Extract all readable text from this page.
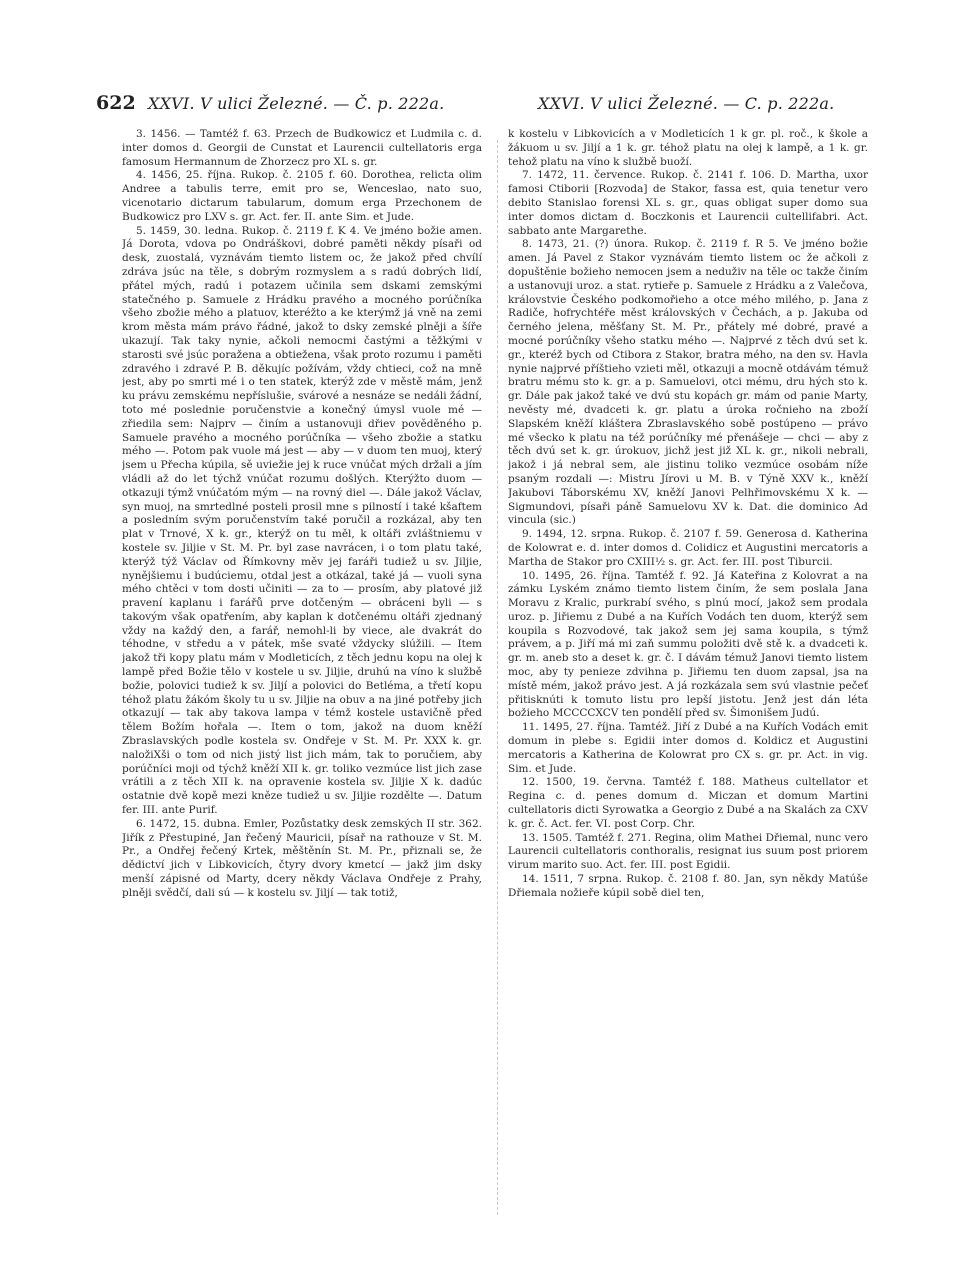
622 XXVI. V ulici Železné. — Č. p. 222a.	XXVI. V ulici Železné. — C. p. 222a.

3. 1456. — Tamtéž f. 63. Przech de Budkowicz et Ludmila c. d. inter domos d. Georgii de Cunstat et Laurencii cultellatoris erga famosum Hermannum de Zhorzecz pro XL s. gr.

4. 1456, 25. října. Rukop. č. 2105 f. 60. Dorothea, relicta olim Andree a tabulis terre, emit pro se, Wenceslao, nato suo, vicenotario dictarum tabularum, domum erga Przechonem de Budkowicz pro LXV s. gr. Act. fer. II. ante Sim. et Jude.

5. 1459, 30. ledna. Rukop. č. 2119 f. K 4. Ve jméno božie amen. Já Dorota, vdova po Ondráškovi, dobré paměti někdy písaři od desk, zuostalá, vyznávám tiemto listem oc, že jakož před chvílí zdráva jsúc na těle, s dobrým rozmyslem a s radú dobrých lidí, přátel mých, radú i potazem učinila sem dskami zemskými statečného p. Samuele z Hrádku pravého a mocného porúčníka všeho zbožie mého a platuov, kteréžto a ke kterýmž já vně na zemi krom města mám právo řádné, jakož to dsky zemské plněji a šíře ukazují. Tak taky nynie, ačkoli nemocmi častými a těžkými v starosti své jsúc poražena a obtiežena, však proto rozumu i paměti zdravého i zdravé P. B. děkujíc požívám, vždy chtieci, což na mně jest, aby po smrti mé i o ten statek, kterýž zde v městě mám, jenž ku právu zemskému nepříslušie, svárové a nesnáze se nedáli žádní, toto mé poslednie poručenstvie a konečný úmysl vuole mé — zřiedila sem: Najprv — činím a ustanovuji dřiev pověděného p. Samuele pravého a mocného porúčníka — všeho zbožie a statku mého —. Potom pak vuole má jest — aby — v duom ten muoj, který jsem u Přecha kúpila, sě uviežie jej k ruce vnúčat mých držali a jím vládli až do let týchž vnúčat rozumu došlých. Kterýžto duom — otkazuji týmž vnúčatóm mým — na rovný diel —. Dále jakož Václav, syn muoj, na smrtedlné posteli prosil mne s pilností i také kšaftem a posledním svým poručenstvím také poručil a rozkázal, aby ten plat v Trnové, X k. gr., kterýž on tu měl, k oltáři zvláštniemu v kostele sv. Jiljie v St. M. Pr. byl zase navrácen, i o tom platu také, kterýž týž Václav od Římkovny měv jej faráři tudiež u sv. Jiljie, nynějšiemu i budúciemu, otdal jest a otkázal, také já — vuoli syna mého chtěci v tom dosti učiniti — za to — prosím, aby platové již pravení kaplanu i farářů prve dotčeným — obráceni byli — s takovým však opatřením, aby kaplan k dotčenému oltáři zjednaný vždy na každý den, a farář, nemohl-li by viece, ale dvakrát do téhodne, v středu a v pátek, mše svaté vždycky slúžili. — Item jakož tři kopy platu mám v Modleticích, z těch jednu kopu na olej k lampě před Božie tělo v kostele u sv. Jiljie, druhú na víno k službě božie, polovici tudiež k sv. Jiljí a polovici do Betléma, a třetí kopu téhož platu žákóm školy tu u sv. Jiljie na obuv a na jiné potřeby jich otkazují — tak aby takova lampa v témž kostele ustavičně před tělem Božím hořala —. Item o tom, jakož na duom kněží Zbraslavských podle kostela sv. Ondřeje v St. M. Pr. XXX k. gr. naložiXši o tom od nich jistý list jich mám, tak to poručiem, aby porúčníci moji od týchž kněží XII k. gr. toliko vezmúce list jich zase vrátili a z těch XII k. na opravenie kostela sv. Jiljie X k. dadúc ostatnie dvě kopě mezi kněze tudiež u sv. Jiljie rozdělte —. Datum fer. III. ante Purif.

6. 1472, 15. dubna. Emler, Pozůstatky desk zemských II str. 362. Jiřík z Přestupiné, Jan řečený Mauricii, písař na rathouze v St. M. Pr., a Ondřej řečený Krtek, měštěnín St. M. Pr., přiznali se, že dědictví jich v Libkovicích, čtyry dvory kmetcí — jakž jim dsky menší zápisné od Marty, dcery někdy Václava Ondřeje z Prahy, plněji svědčí, dali sú — k kostelu sv. Jiljí — tak totiž,

k kostelu v Libkovicích a v Modleticích 1 k gr. pl. roč., k škole a žákuom u sv. Jiljí a 1 k. gr. téhož platu na olej k lampě, a 1 k. gr. tehož platu na víno k službě buoží.

7. 1472, 11. července. Rukop. č. 2141 f. 106. D. Martha, uxor famosi Ctiborii [Rozvoda] de Stakor, fassa est, quia tenetur vero debito Stanislao forensi XL s. gr., quas obligat super domo sua inter domos dictam d. Boczkonis et Laurencii cultellifabri. Act. sabbato ante Margarethe.

8. 1473, 21. (?) února. Rukop. č. 2119 f. R 5. Ve jméno božie amen. Já Pavel z Stakor vyznávám tiemto listem oc že ačkoli z dopuštěnie božieho nemocen jsem a neduživ na těle oc takže činím a ustanovuji uroz. a stat. rytieře p. Samuele z Hrádku a z Valečova, královstvie Českého podkomořieho a otce mého milého, p. Jana z Radiče, hofrychtéře měst královských v Čechách, a p. Jakuba od černého jelena, měšťany St. M. Pr., přátely mé dobré, pravé a mocné porúčníky všeho statku mého —. Najprvé z těch dvú set k. gr., kteréž bych od Ctibora z Stakor, bratra mého, na den sv. Havla nynie najprvé příštieho vzieti měl, otkazuji a mocně otdávám témuž bratru mému sto k. gr. a p. Samuelovi, otci mému, dru hých sto k. gr. Dále pak jakož také ve dvú stu kopách gr. mám od panie Marty, nevěsty mé, dvadceti k. gr. platu a úroka ročnieho na zboží Slapském kněží kláštera Zbraslavského sobě postúpeno — právo mé všecko k platu na též porúčníky mé přenášeje — chci — aby z těch dvú set k. gr. úrokuov, jichž jest již XL k. gr., nikoli nebrali, jakož i já nebral sem, ale jistinu toliko vezmúce osobám níže psaným rozdali —: Mistru Jírovi u M. B. v Týně XXV k., kněží Jakubovi Táborskému XV, kněží Janovi Pelhřimovskému X k. — Sigmundovi, písaři páně Samuelovu XV k. Dat. die dominico Ad vincula (sic.)

9. 1494, 12. srpna. Rukop. č. 2107 f. 59. Generosa d. Katherina de Kolowrat e. d. inter domos d. Colidicz et Augustini mercatoris a Martha de Stakor pro CXIII½ s. gr. Act. fer. III. post Tiburcii.

10. 1495, 26. října. Tamtéž f. 92. Já Kateřina z Kolovrat a na zámku Lyském známo tiemto listem činím, že sem poslala Jana Moravu z Kralic, purkrabí svého, s plnú mocí, jakož sem prodala uroz. p. Jiřiemu z Dubé a na Kuřích Vodách ten duom, kterýž sem koupila s Rozvodové, tak jakož sem jej sama koupila, s týmž právem, a p. Jiří má mi zaň summu položiti dvě stě k. a dvadceti k. gr. m. aneb sto a deset k. gr. č. I dávám témuž Janovi tiemto listem moc, aby ty penieze zdvihna p. Jiřiemu ten duom zapsal, jsa na místě mém, jakož právo jest. A já rozkázala sem svú vlastnie pečeť přitisknúti k tomuto listu pro lepší jistotu. Jenž jest dán léta božieho MCCCCXCV ten pondělí před sv. Šimonišem Judú.

11. 1495, 27. října. Tamtéž. Jiří z Dubé a na Kuřích Vodách emit domum in plebe s. Egidii inter domos d. Koldicz et Augustini mercatoris a Katherina de Kolowrat pro CX s. gr. pr. Act. in vig. Sim. et Jude.

12. 1500, 19. června. Tamtéž f. 188. Matheus cultellator et Regina c. d. penes domum d. Miczan et domum Martini cultellatoris dicti Syrowatka a Georgio z Dubé a na Skalách za CXV k. gr. č. Act. fer. VI. post Corp. Chr.

13. 1505. Tamtéž f. 271. Regina, olim Mathei Dřiemal, nunc vero Laurencii cultellatoris conthoralis, resignat ius suum post priorem virum marito suo. Act. fer. III. post Egidii.

14. 1511, 7 srpna. Rukop. č. 2108 f. 80. Jan, syn někdy Matúše Dřiemala nožieře kúpil sobě diel ten,
